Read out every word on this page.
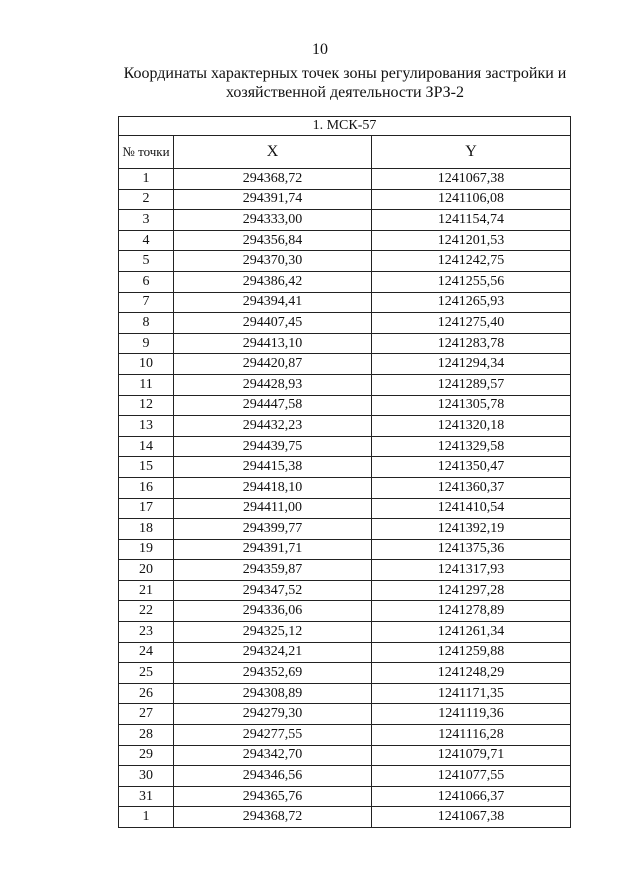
10
Координаты характерных точек зоны регулирования застройки и
хозяйственной деятельности ЗРЗ-2
1. МСК-57		
№ точки	X	Y
1	294368,72	1241067,38
2	294391,74	1241106,08
3	294333,00	1241154,74
4	294356,84	1241201,53
5	294370,30	1241242,75
6	294386,42	1241255,56
7	294394,41	1241265,93
8	294407,45	1241275,40
9	294413,10	1241283,78
10	294420,87	1241294,34
11	294428,93	1241289,57
12	294447,58	1241305,78
13	294432,23	1241320,18
14	294439,75	1241329,58
15	294415,38	1241350,47
16	294418,10	1241360,37
17	294411,00	1241410,54
18	294399,77	1241392,19
19	294391,71	1241375,36
20	294359,87	1241317,93
21	294347,52	1241297,28
22	294336,06	1241278,89
23	294325,12	1241261,34
24	294324,21	1241259,88
25	294352,69	1241248,29
26	294308,89	1241171,35
27	294279,30	1241119,36
28	294277,55	1241116,28
29	294342,70	1241079,71
30	294346,56	1241077,55
31	294365,76	1241066,37
1	294368,72	1241067,38
